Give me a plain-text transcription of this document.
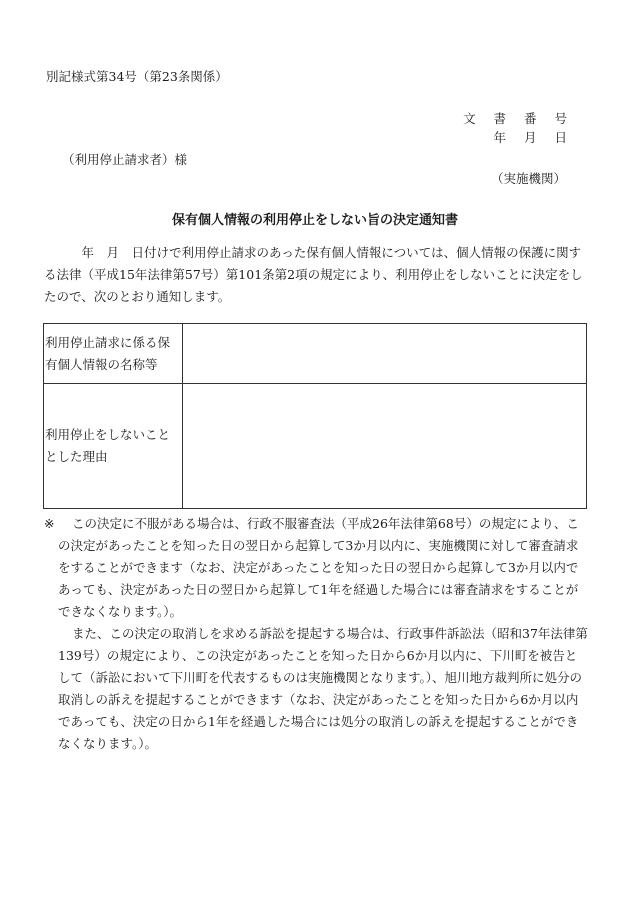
別記様式第34号（第23条関係）
文 書 番 号
年 月 日
（利用停止請求者）様
（実施機関）
保有個人情報の利用停止をしない旨の決定通知書
年　月　日付けで利用停止請求のあった保有個人情報については、個人情報の保護に関する法律（平成15年法律第57号）第101条第2項の規定により、利用停止をしないことに決定をしたので、次のとおり通知します。
利用停止請求に係る保有個人情報の名称等	
利用停止をしないこととした理由	

※ この決定に不服がある場合は、行政不服審査法（平成26年法律第68号）の規定により、この決定があったことを知った日の翌日から起算して3か月以内に、実施機関に対して審査請求をすることができます（なお、決定があったことを知った日の翌日から起算して3か月以内であっても、決定があった日の翌日から起算して1年を経過した場合には審査請求をすることができなくなります。）。

また、この決定の取消しを求める訴訟を提起する場合は、行政事件訴訟法（昭和37年法律第139号）の規定により、この決定があったことを知った日から6か月以内に、下川町を被告として（訴訟において下川町を代表するものは実施機関となります。）、旭川地方裁判所に処分の取消しの訴えを提起することができます（なお、決定があったことを知った日から6か月以内であっても、決定の日から1年を経過した場合には処分の取消しの訴えを提起することができなくなります。）。
